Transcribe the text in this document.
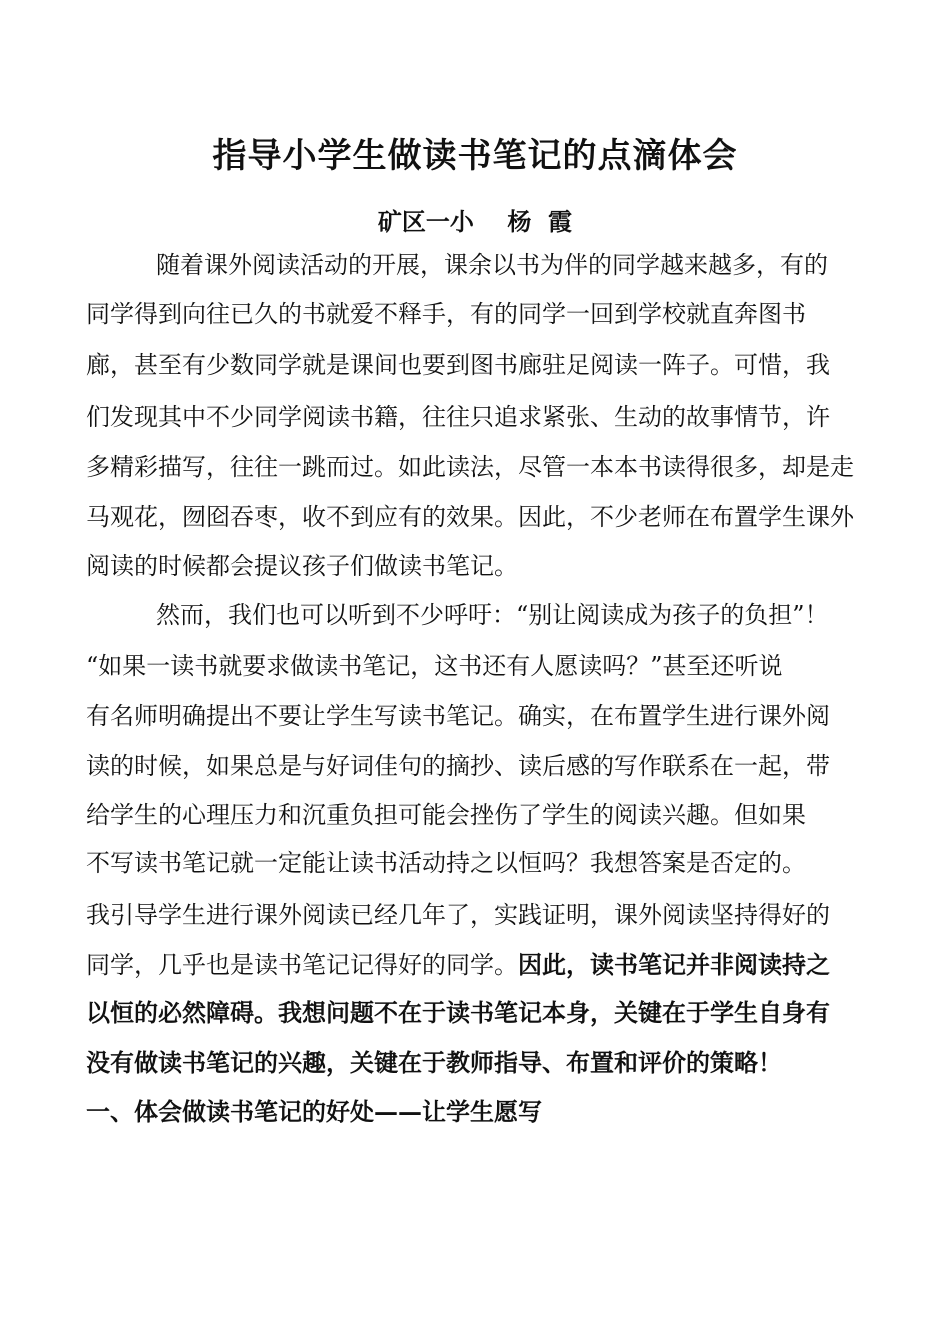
指导小学生做读书笔记的点滴体会
矿区一小    杨  霞
随着课外阅读活动的开展，课余以书为伴的同学越来越多，有的
同学得到向往已久的书就爱不释手，有的同学一回到学校就直奔图书
廊，甚至有少数同学就是课间也要到图书廊驻足阅读一阵子。可惜，我
们发现其中不少同学阅读书籍，往往只追求紧张、生动的故事情节，许
多精彩描写，往往一跳而过。如此读法，尽管一本本书读得很多，却是走
马观花，囫囵吞枣，收不到应有的效果。因此，不少老师在布置学生课外
阅读的时候都会提议孩子们做读书笔记。
然而，我们也可以听到不少呼吁：“别让阅读成为孩子的负担”！
“如果一读书就要求做读书笔记，这书还有人愿读吗？”甚至还听说
有名师明确提出不要让学生写读书笔记。确实，在布置学生进行课外阅
读的时候，如果总是与好词佳句的摘抄、读后感的写作联系在一起，带
给学生的心理压力和沉重负担可能会挫伤了学生的阅读兴趣。但如果
不写读书笔记就一定能让读书活动持之以恒吗？我想答案是否定的。
我引导学生进行课外阅读已经几年了，实践证明，课外阅读坚持得好的
同学，几乎也是读书笔记记得好的同学。因此，读书笔记并非阅读持之
以恒的必然障碍。我想问题不在于读书笔记本身，关键在于学生自身有
没有做读书笔记的兴趣，关键在于教师指导、布置和评价的策略！
一、体会做读书笔记的好处——让学生愿写
